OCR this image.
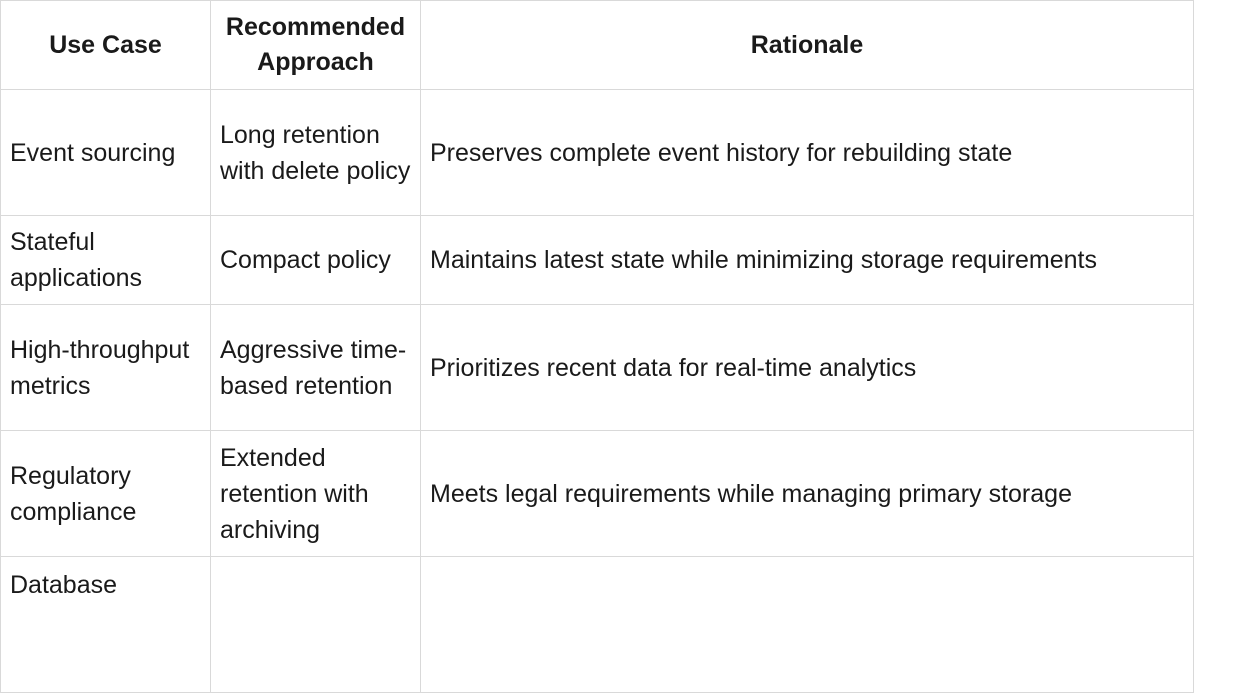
Use Case	Recommended Approach	Rationale
Event sourcing	Long retention with delete policy	Preserves complete event history for rebuilding state
Stateful applications	Compact policy	Maintains latest state while minimizing storage requirements
High-throughput metrics	Aggressive time-based retention	Prioritizes recent data for real-time analytics
Regulatory compliance	Extended retention with archiving	Meets legal requirements while managing primary storage
Database		
